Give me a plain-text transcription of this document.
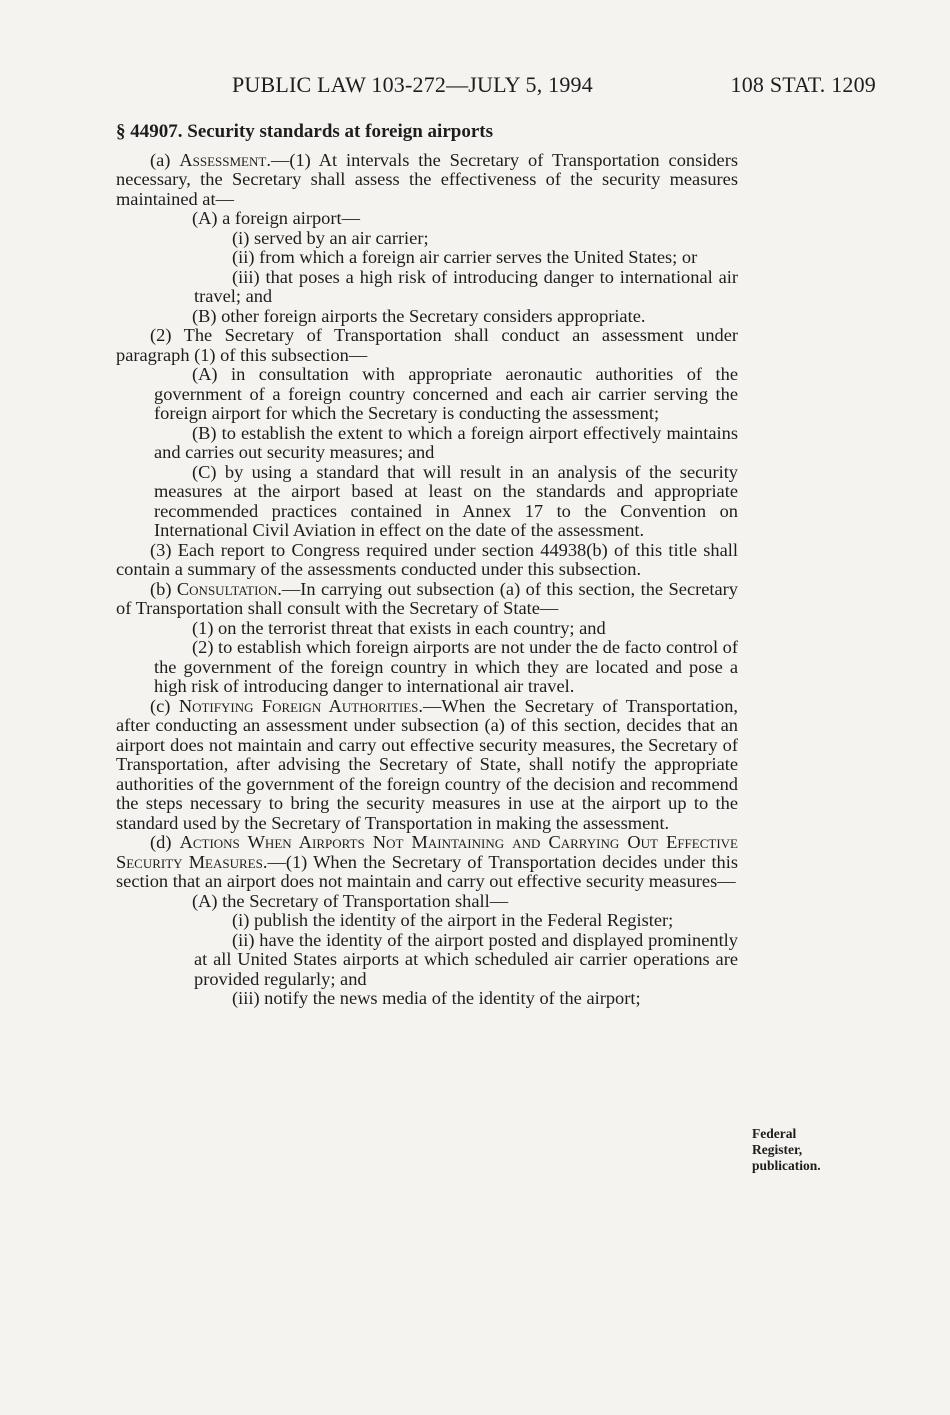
PUBLIC LAW 103-272—JULY 5, 1994	108 STAT. 1209

§ 44907. Security standards at foreign airports

(a) Assessment.—(1) At intervals the Secretary of Transportation considers necessary, the Secretary shall assess the effectiveness of the security measures maintained at—

(A) a foreign airport—

(i) served by an air carrier;

(ii) from which a foreign air carrier serves the United States; or

(iii) that poses a high risk of introducing danger to international air travel; and

(B) other foreign airports the Secretary considers appropriate.

(2) The Secretary of Transportation shall conduct an assessment under paragraph (1) of this subsection—

(A) in consultation with appropriate aeronautic authorities of the government of a foreign country concerned and each air carrier serving the foreign airport for which the Secretary is conducting the assessment;

(B) to establish the extent to which a foreign airport effectively maintains and carries out security measures; and

(C) by using a standard that will result in an analysis of the security measures at the airport based at least on the standards and appropriate recommended practices contained in Annex 17 to the Convention on International Civil Aviation in effect on the date of the assessment.

(3) Each report to Congress required under section 44938(b) of this title shall contain a summary of the assessments conducted under this subsection.

(b) Consultation.—In carrying out subsection (a) of this section, the Secretary of Transportation shall consult with the Secretary of State—

(1) on the terrorist threat that exists in each country; and

(2) to establish which foreign airports are not under the de facto control of the government of the foreign country in which they are located and pose a high risk of introducing danger to international air travel.

(c) Notifying Foreign Authorities.—When the Secretary of Transportation, after conducting an assessment under subsection (a) of this section, decides that an airport does not maintain and carry out effective security measures, the Secretary of Transportation, after advising the Secretary of State, shall notify the appropriate authorities of the government of the foreign country of the decision and recommend the steps necessary to bring the security measures in use at the airport up to the standard used by the Secretary of Transportation in making the assessment.

(d) Actions When Airports Not Maintaining and Carrying Out Effective Security Measures.—(1) When the Secretary of Transportation decides under this section that an airport does not maintain and carry out effective security measures—

(A) the Secretary of Transportation shall—

(i) publish the identity of the airport in the Federal Register;

(ii) have the identity of the airport posted and displayed prominently at all United States airports at which scheduled air carrier operations are provided regularly; and

(iii) notify the news media of the identity of the airport;

Federal
Register,
publication.
